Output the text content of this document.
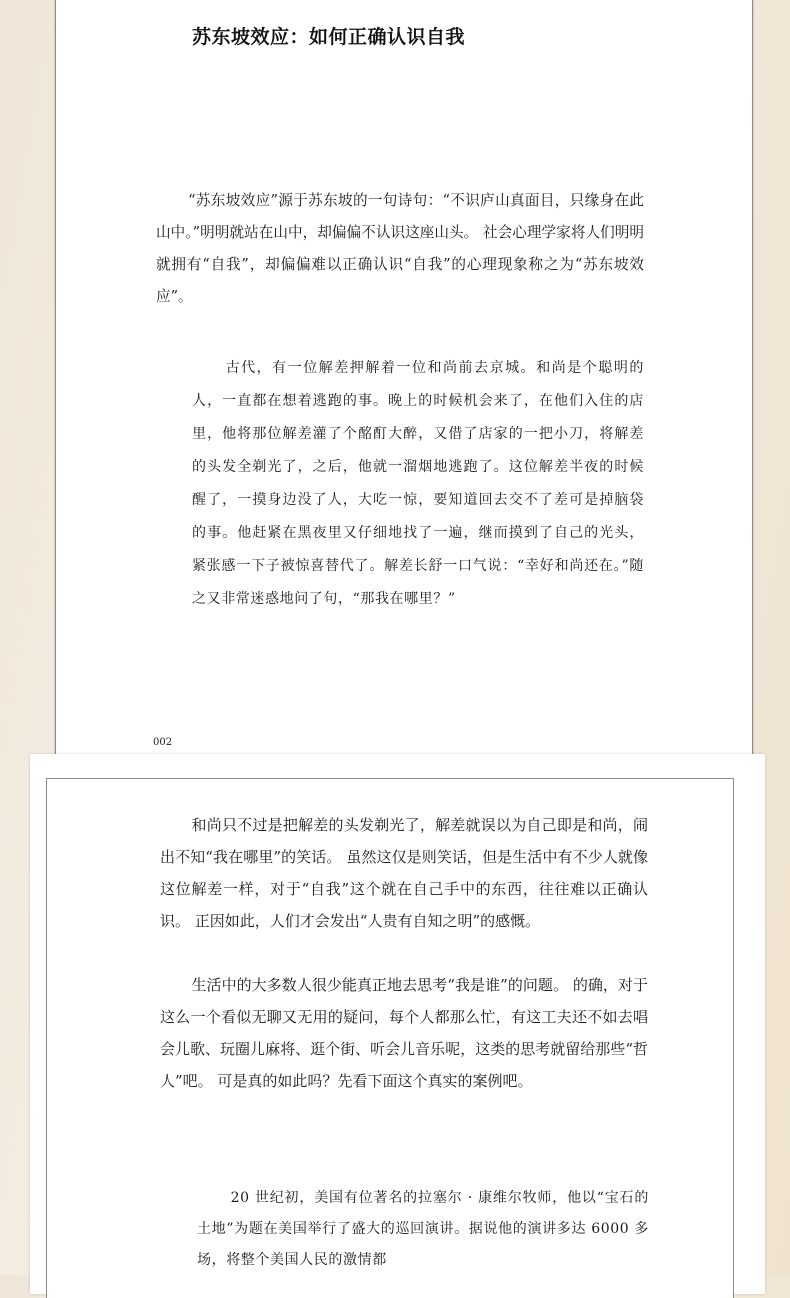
苏东坡效应：如何正确认识自我

“苏东坡效应”源于苏东坡的一句诗句：“不识庐山真面目，只缘身在此山中。”明明就站在山中，却偏偏不认识这座山头。 社会心理学家将人们明明就拥有“自我”，却偏偏难以正确认识“自我”的心理现象称之为“苏东坡效应”。

古代，有一位解差押解着一位和尚前去京城。和尚是个聪明的人，一直都在想着逃跑的事。晚上的时候机会来了，在他们入住的店里，他将那位解差灌了个酩酊大醉，又借了店家的一把小刀，将解差的头发全剃光了，之后，他就一溜烟地逃跑了。这位解差半夜的时候醒了，一摸身边没了人，大吃一惊，要知道回去交不了差可是掉脑袋的事。他赶紧在黑夜里又仔细地找了一遍，继而摸到了自己的光头，紧张感一下子被惊喜替代了。解差长舒一口气说：“幸好和尚还在。”随之又非常迷惑地问了句，“那我在哪里？”

002

和尚只不过是把解差的头发剃光了，解差就误以为自己即是和尚，闹出不知“我在哪里”的笑话。 虽然这仅是则笑话，但是生活中有不少人就像这位解差一样，对于“自我”这个就在自己手中的东西，往往难以正确认识。 正因如此，人们才会发出“人贵有自知之明”的感慨。

生活中的大多数人很少能真正地去思考“我是谁”的问题。 的确，对于这么一个看似无聊又无用的疑问，每个人都那么忙，有这工夫还不如去唱会儿歌、玩圈儿麻将、逛个街、听会儿音乐呢，这类的思考就留给那些“哲人”吧。 可是真的如此吗？先看下面这个真实的案例吧。

20 世纪初，美国有位著名的拉塞尔 · 康维尔牧师，他以“宝石的土地”为题在美国举行了盛大的巡回演讲。据说他的演讲多达 6000 多场，将整个美国人民的激情都
